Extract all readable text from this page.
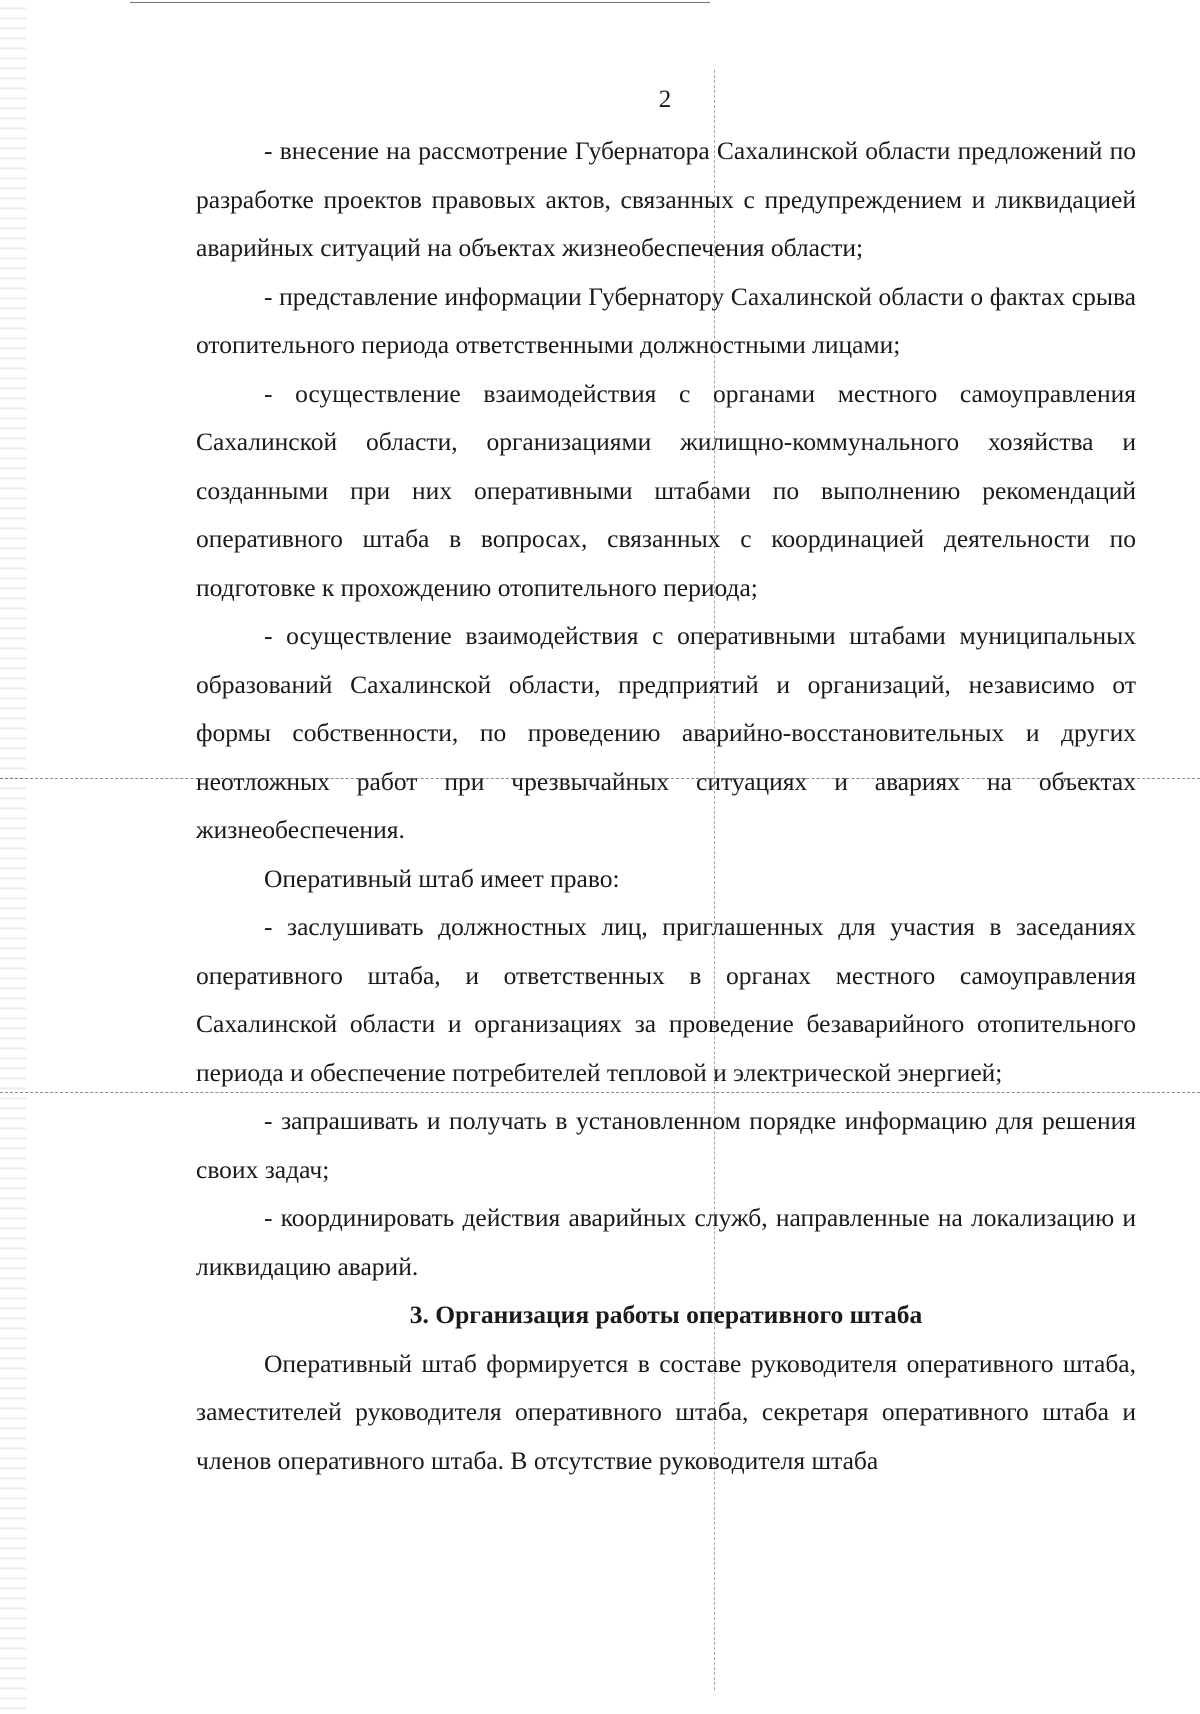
2

- внесение на рассмотрение Губернатора Сахалинской области предложений по разработке проектов правовых актов, связанных с предупреждением и ликвидацией аварийных ситуаций на объектах жизнеобеспечения области;

- представление информации Губернатору Сахалинской области о фактах срыва отопительного периода ответственными должностными лицами;

- осуществление взаимодействия с органами местного самоуправления Сахалинской области, организациями жилищно-коммунального хозяйства и созданными при них оперативными штабами по выполнению рекомендаций оперативного штаба в вопросах, связанных с координацией деятельности по подготовке к прохождению отопительного периода;

- осуществление взаимодействия с оперативными штабами муниципальных образований Сахалинской области, предприятий и организаций, независимо от формы собственности, по проведению аварийно-восстановительных и других неотложных работ при чрезвычайных ситуациях и авариях на объектах жизнеобеспечения.

Оперативный штаб имеет право:

- заслушивать должностных лиц, приглашенных для участия в заседаниях оперативного штаба, и ответственных в органах местного самоуправления Сахалинской области и организациях за проведение безаварийного отопительного периода и обеспечение потребителей тепловой и электрической энергией;

- запрашивать и получать в установленном порядке информацию для решения своих задач;

- координировать действия аварийных служб, направленные на локализацию и ликвидацию аварий.

3. Организация работы оперативного штаба

Оперативный штаб формируется в составе руководителя оперативного штаба, заместителей руководителя оперативного штаба, секретаря оперативного штаба и членов оперативного штаба. В отсутствие руководителя штаба
